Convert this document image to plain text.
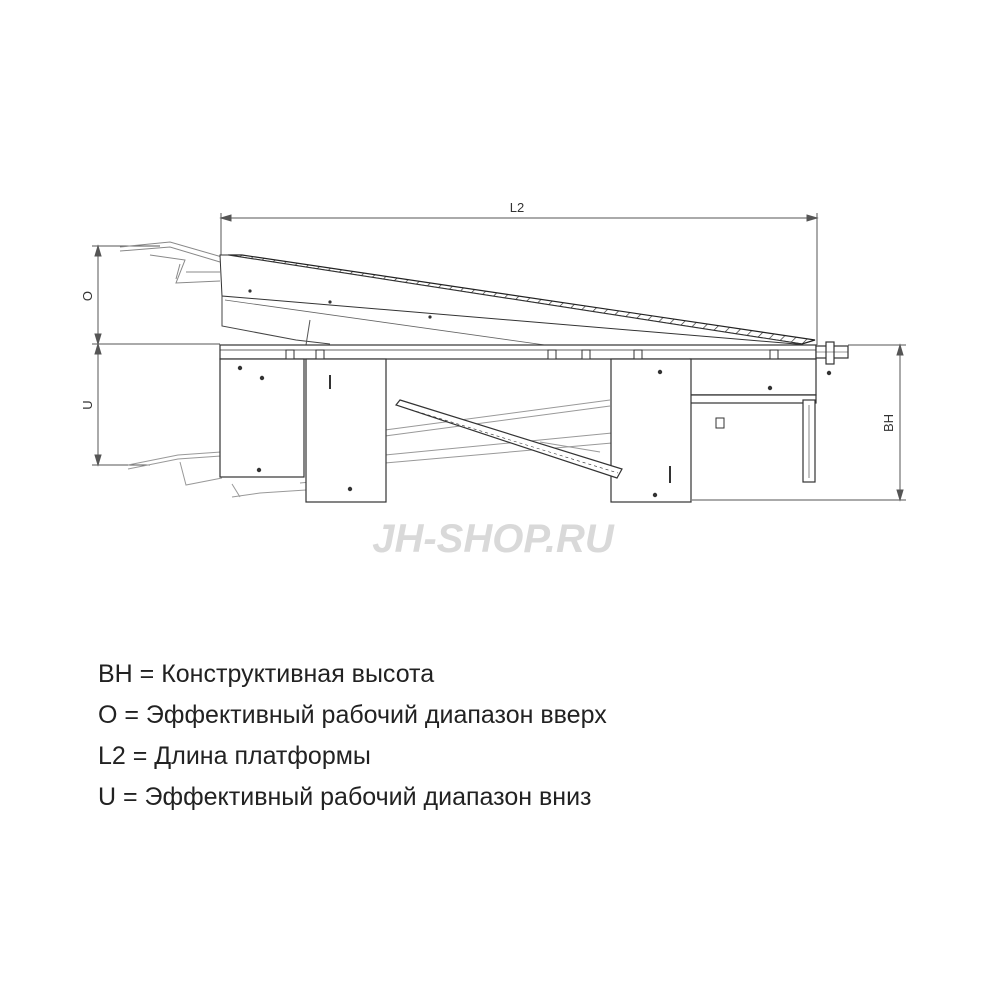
L2
O
U
BH
JH-SHOP.RU
BH = Конструктивная высота
O = Эффективный рабочий диапазон вверх
L2 = Длина платформы
U = Эффективный рабочий диапазон вниз
